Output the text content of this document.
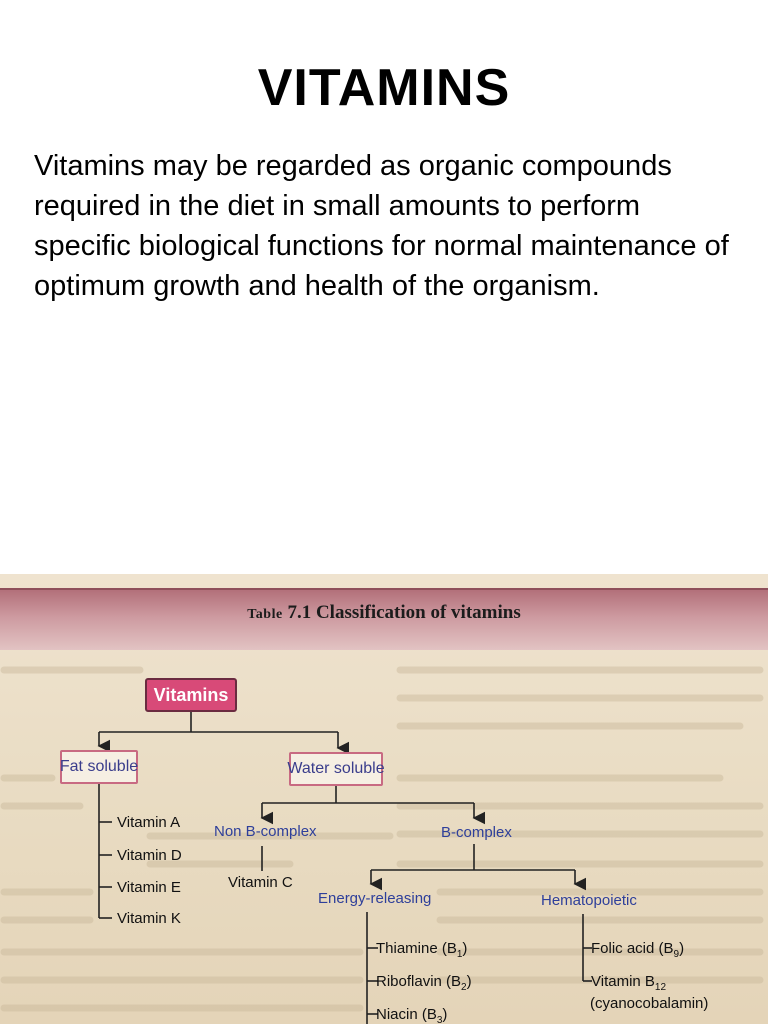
VITAMINS

Vitamins may be regarded as organic compounds required in the diet in small amounts to perform specific biological functions for normal maintenance of optimum growth and health of the organism.

Table 7.1 Classification of vitamins
Vitamins
Fat soluble	Water soluble
Vitamin A
Vitamin D
Vitamin E
Vitamin K
Non B-complex
Vitamin C
B-complex
Energy-releasing	Hematopoietic
Thiamine $(B_1)$
Riboflavin $(B_2)$
Niacin $(B_3)$
Folic acid $(B_9)$
Vitamin $B_{12}$
(cyanocobalamin)
